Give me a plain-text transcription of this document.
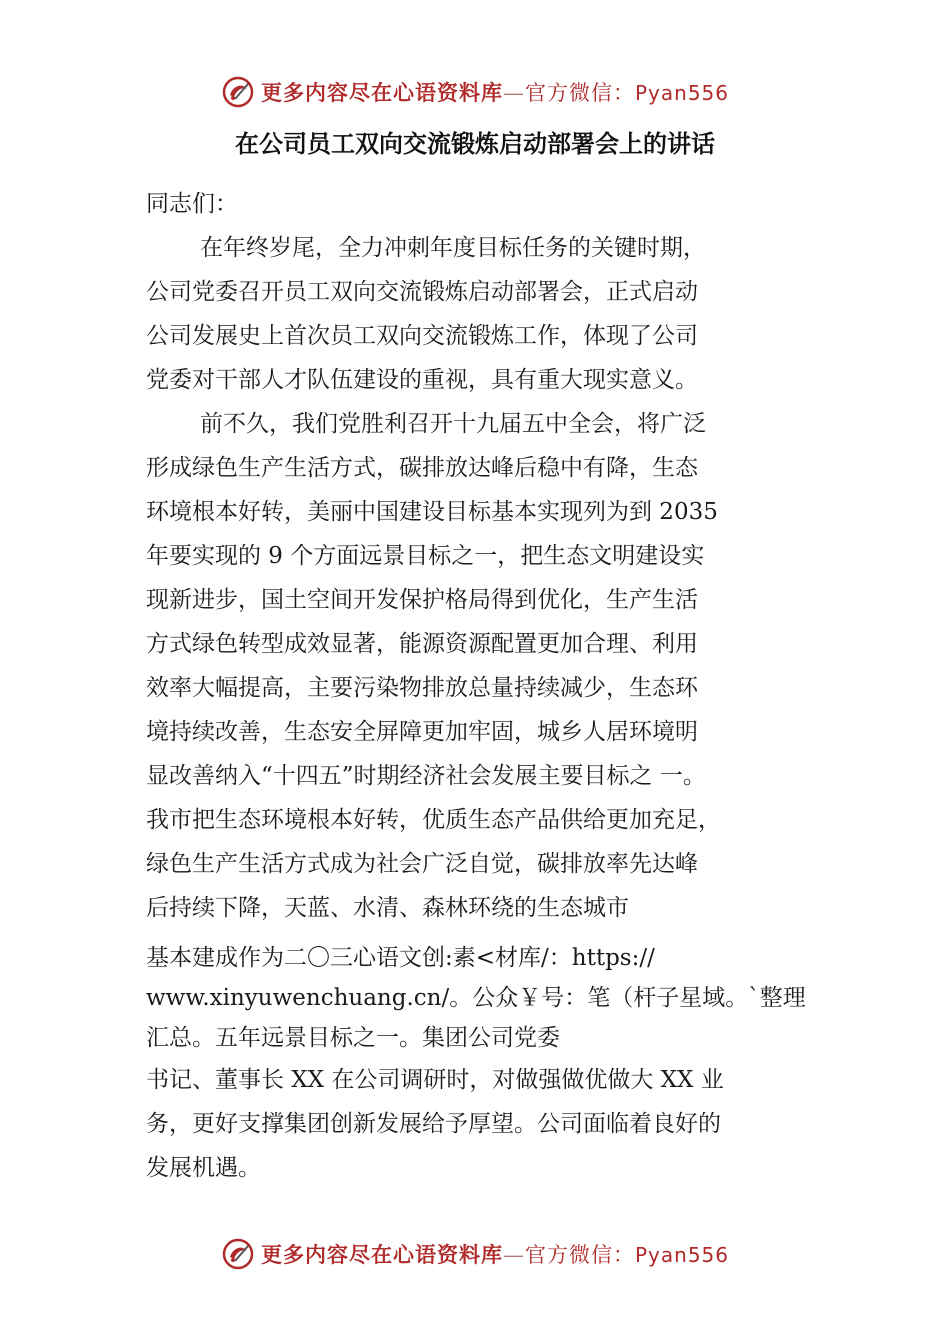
更多内容尽在心语资料库—官方微信：Pyan556
在公司员工双向交流锻炼启动部署会上的讲话
同志们：
在年终岁尾，全力冲刺年度目标任务的关键时期，
公司党委召开员工双向交流锻炼启动部署会，正式启动
公司发展史上首次员工双向交流锻炼工作，体现了公司
党委对干部人才队伍建设的重视，具有重大现实意义。
前不久，我们党胜利召开十九届五中全会，将广泛
形成绿色生产生活方式，碳排放达峰后稳中有降，生态
环境根本好转，美丽中国建设目标基本实现列为到 2035
年要实现的 9 个方面远景目标之一，把生态文明建设实
现新进步，国土空间开发保护格局得到优化，生产生活
方式绿色转型成效显著，能源资源配置更加合理、利用
效率大幅提高，主要污染物排放总量持续减少，生态环
境持续改善，生态安全屏障更加牢固，城乡人居环境明
显改善纳入“十四五”时期经济社会发展主要目标之 一。
我市把生态环境根本好转，优质生态产品供给更加充足，
绿色生产生活方式成为社会广泛自觉，碳排放率先达峰
后持续下降，天蓝、水清、森林环绕的生态城市
基本建成作为二〇三心语文创:素<材库/：https://
www.xinyuwenchuang.cn/。公众￥号：笔（杆子星域。`整理
汇总。五年远景目标之一。集团公司党委
书记、董事长 XX 在公司调研时，对做强做优做大 XX 业
务，更好支撑集团创新发展给予厚望。公司面临着良好的
发展机遇。
更多内容尽在心语资料库—官方微信：Pyan556
